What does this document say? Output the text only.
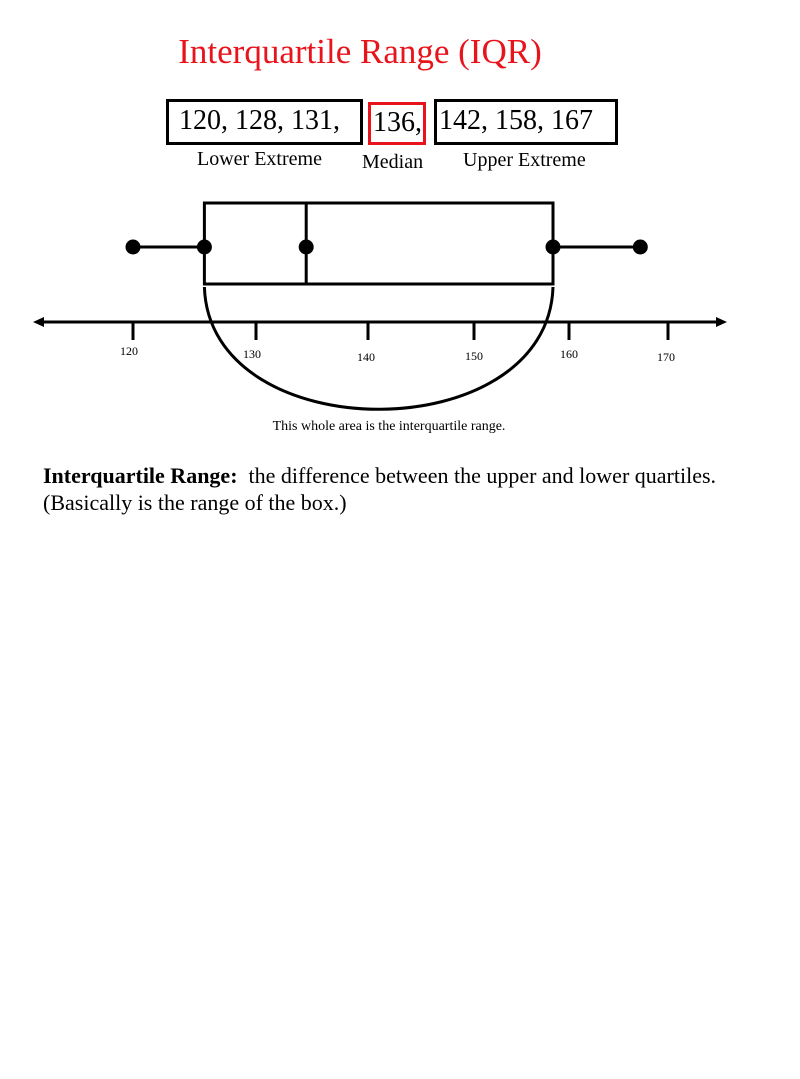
Interquartile Range (IQR)
120, 128, 131,	136, 142, 158, 167
Lower Extreme Median Upper Extreme
120	130	140	150	160	170
This whole area is the interquartile range.
Interquartile Range: the difference between the upper and lower quartiles. (Basically is the range of the box.)
